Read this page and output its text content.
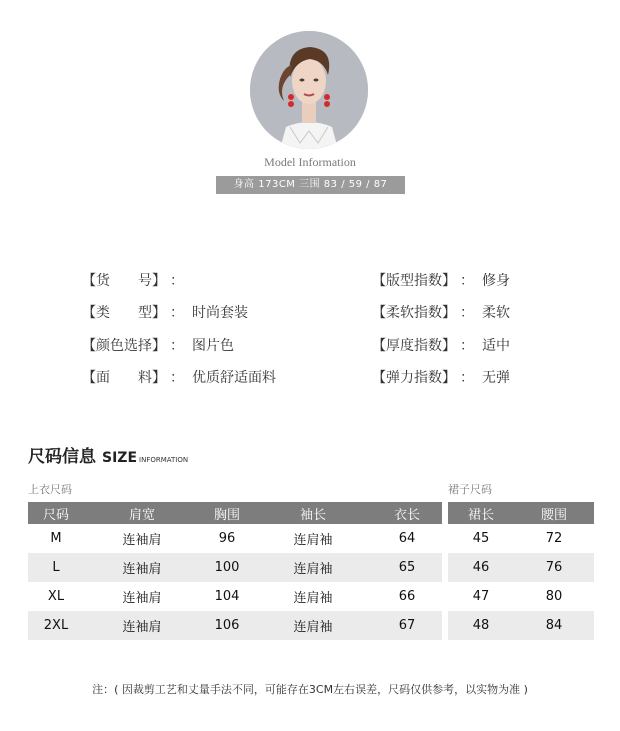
Model Information
身高 173CM 三围 83 / 59 / 87
【货　　号】 ：
【类　　型】 ： 时尚套装
【颜色选择】 ： 图片色
【面　　料】 ： 优质舒适面料
【版型指数】 ： 修身
【柔软指数】 ： 柔软
【厚度指数】 ： 适中
【弹力指数】 ： 无弹
尺码信息 SIZE INFORMATION
上衣尺码	裙子尺码
尺码	肩宽	胸围	袖长	衣长
M	连袖肩	96	连肩袖	64
L	连袖肩	100	连肩袖	65
XL	连袖肩	104	连肩袖	66
2XL	连袖肩	106	连肩袖	67
裙长	腰围
45	72
46	76
47	80
48	84
注：( 因裁剪工艺和丈量手法不同，可能存在3CM左右误差，尺码仅供参考，以实物为准 )
